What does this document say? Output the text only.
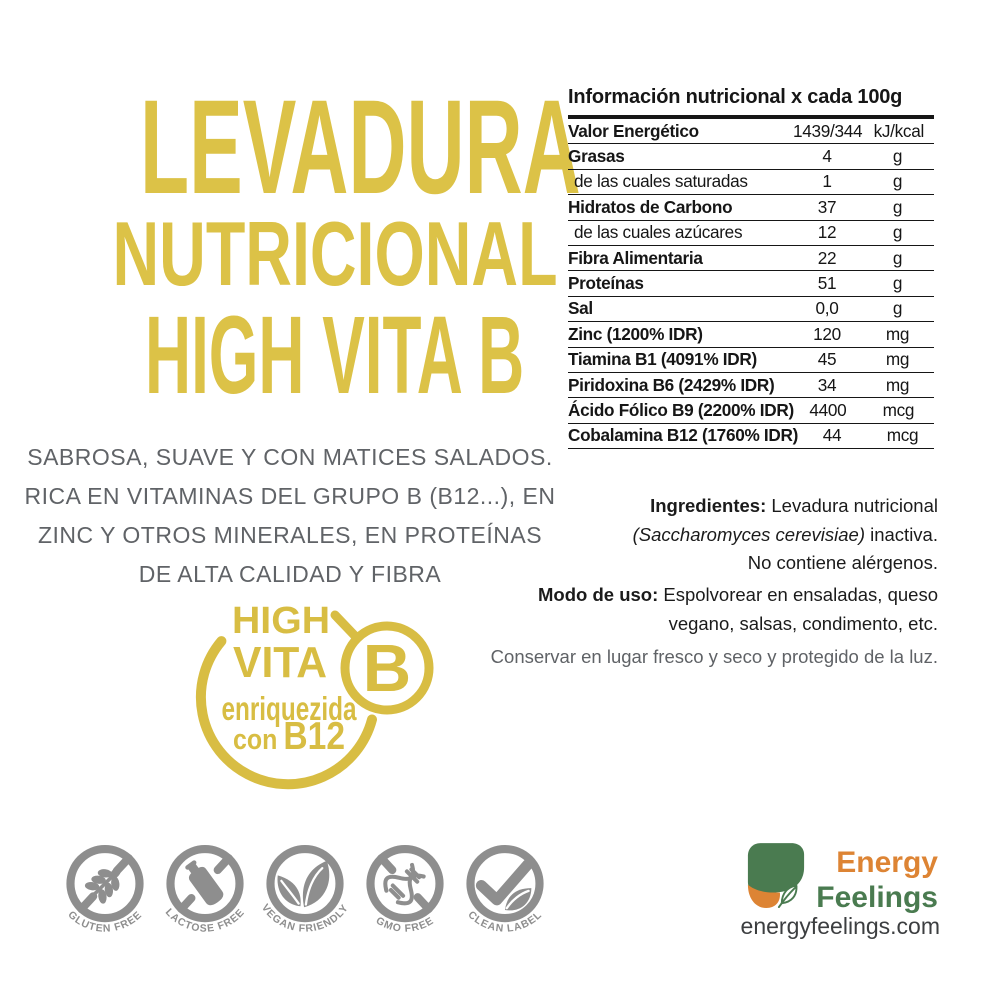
LEVADURA
NUTRICIONAL
HIGH VITA B
SABROSA, SUAVE Y CON MATICES SALADOS.
RICA EN VITAMINAS DEL GRUPO B (B12...), EN
ZINC Y OTROS MINERALES, EN PROTEÍNAS
DE ALTA CALIDAD Y FIBRA
HIGH
VITA B
enriquezida
conB12
Información nutricional x cada 100g
Valor Energético	1439/344 kJ/kcal
Grasas	4	g
de las cuales saturadas	1	g
Hidratos de Carbono	37	g
de las cuales azúcares	12	g
Fibra Alimentaria	22	g
Proteínas	51	g
Sal	0,0	g
Zinc (1200% IDR)	120	mg
Tiamina B1 (4091% IDR)	45	mg
Piridoxina B6 (2429% IDR)	34	mg
Ácido Fólico B9 (2200% IDR) 4400	mcg
Cobalamina B12 (1760% IDR)	44	mcg
Ingredientes: Levadura nutricional
(Saccharomyces cerevisiae) inactiva.
No contiene alérgenos.
Modo de uso: Espolvorear en ensaladas, queso
vegano, salsas, condimento, etc.
Conservar en lugar fresco y seco y protegido de la luz.
GLUTEN FREE LACTOSE FREE VEGAN FRIENDLY
GMO FREE	CLEAN LABEL
Energy
Feelings
energyfeelings.com
